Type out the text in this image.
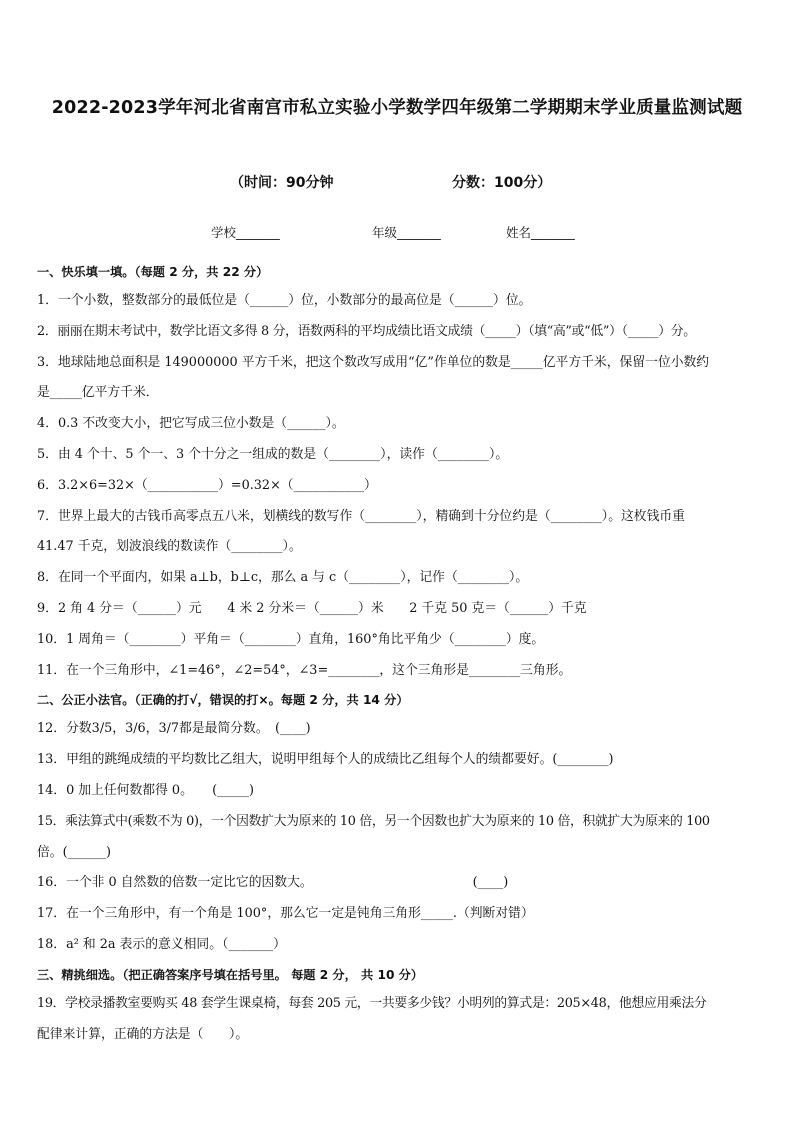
2022-2023学年河北省南宫市私立实验小学数学四年级第二学期期末学业质量监测试题
（时间：90分钟	分数：100分）
学校_______	年级_______	姓名_______
一、快乐填一填。（每题 2 分，共 22 分）
1．一个小数，整数部分的最低位是（______）位，小数部分的最高位是（______）位。
2．丽丽在期末考试中，数学比语文多得 8 分，语数两科的平均成绩比语文成绩（_____）（填“高”或“低”）（_____）分。
3．地球陆地总面积是 149000000 平方千米，把这个数改写成用“亿”作单位的数是_____亿平方千米，保留一位小数约
是_____亿平方千米．
4．0.3 不改变大小，把它写成三位小数是（______）。
5．由 4 个十、5 个一、3 个十分之一组成的数是（________），读作（________）。
6．3.2×6=32×（___________）=0.32×（___________）
7．世界上最大的古钱币高零点五八米，划横线的数写作（________），精确到十分位约是（________）。这枚钱币重
41.47 千克，划波浪线的数读作（________）。
8．在同一个平面内，如果 a⊥b，b⊥c，那么 a 与 c（________），记作（________）。
9．2 角 4 分＝（______）元　　4 米 2 分米＝（______）米　　2 千克 50 克＝（______）千克
10．1 周角＝（________）平角＝（________）直角，160°角比平角少（________）度。
11．在一个三角形中，∠1=46°，∠2=54°，∠3=________，这个三角形是________三角形。
二、公正小法官。（正确的打√，错误的打×。每题 2 分，共 14 分）
12．分数3/5，3/6，3/7都是最简分数。　(____)
13．甲组的跳绳成绩的平均数比乙组大，说明甲组每个人的成绩比乙组每个人的绩都要好。(________)
14．0 加上任何数都得 0。　　(_____)
15．乘法算式中(乘数不为 0)，一个因数扩大为原来的 10 倍，另一个因数也扩大为原来的 10 倍，积就扩大为原来的 100
倍。(______)
16．一个非 0 自然数的倍数一定比它的因数大。　　　　　　　　　　　　　(____)
17．在一个三角形中，有一个角是 100°，那么它一定是钝角三角形_____.（判断对错）
18．a² 和 2a 表示的意义相同。（_______）
三、精挑细选。（把正确答案序号填在括号里。 每题 2 分， 共 10 分）
19．学校录播教室要购买 48 套学生课桌椅，每套 205 元，一共要多少钱？小明列的算式是：205×48，他想应用乘法分
配律来计算，正确的方法是（　　）。
